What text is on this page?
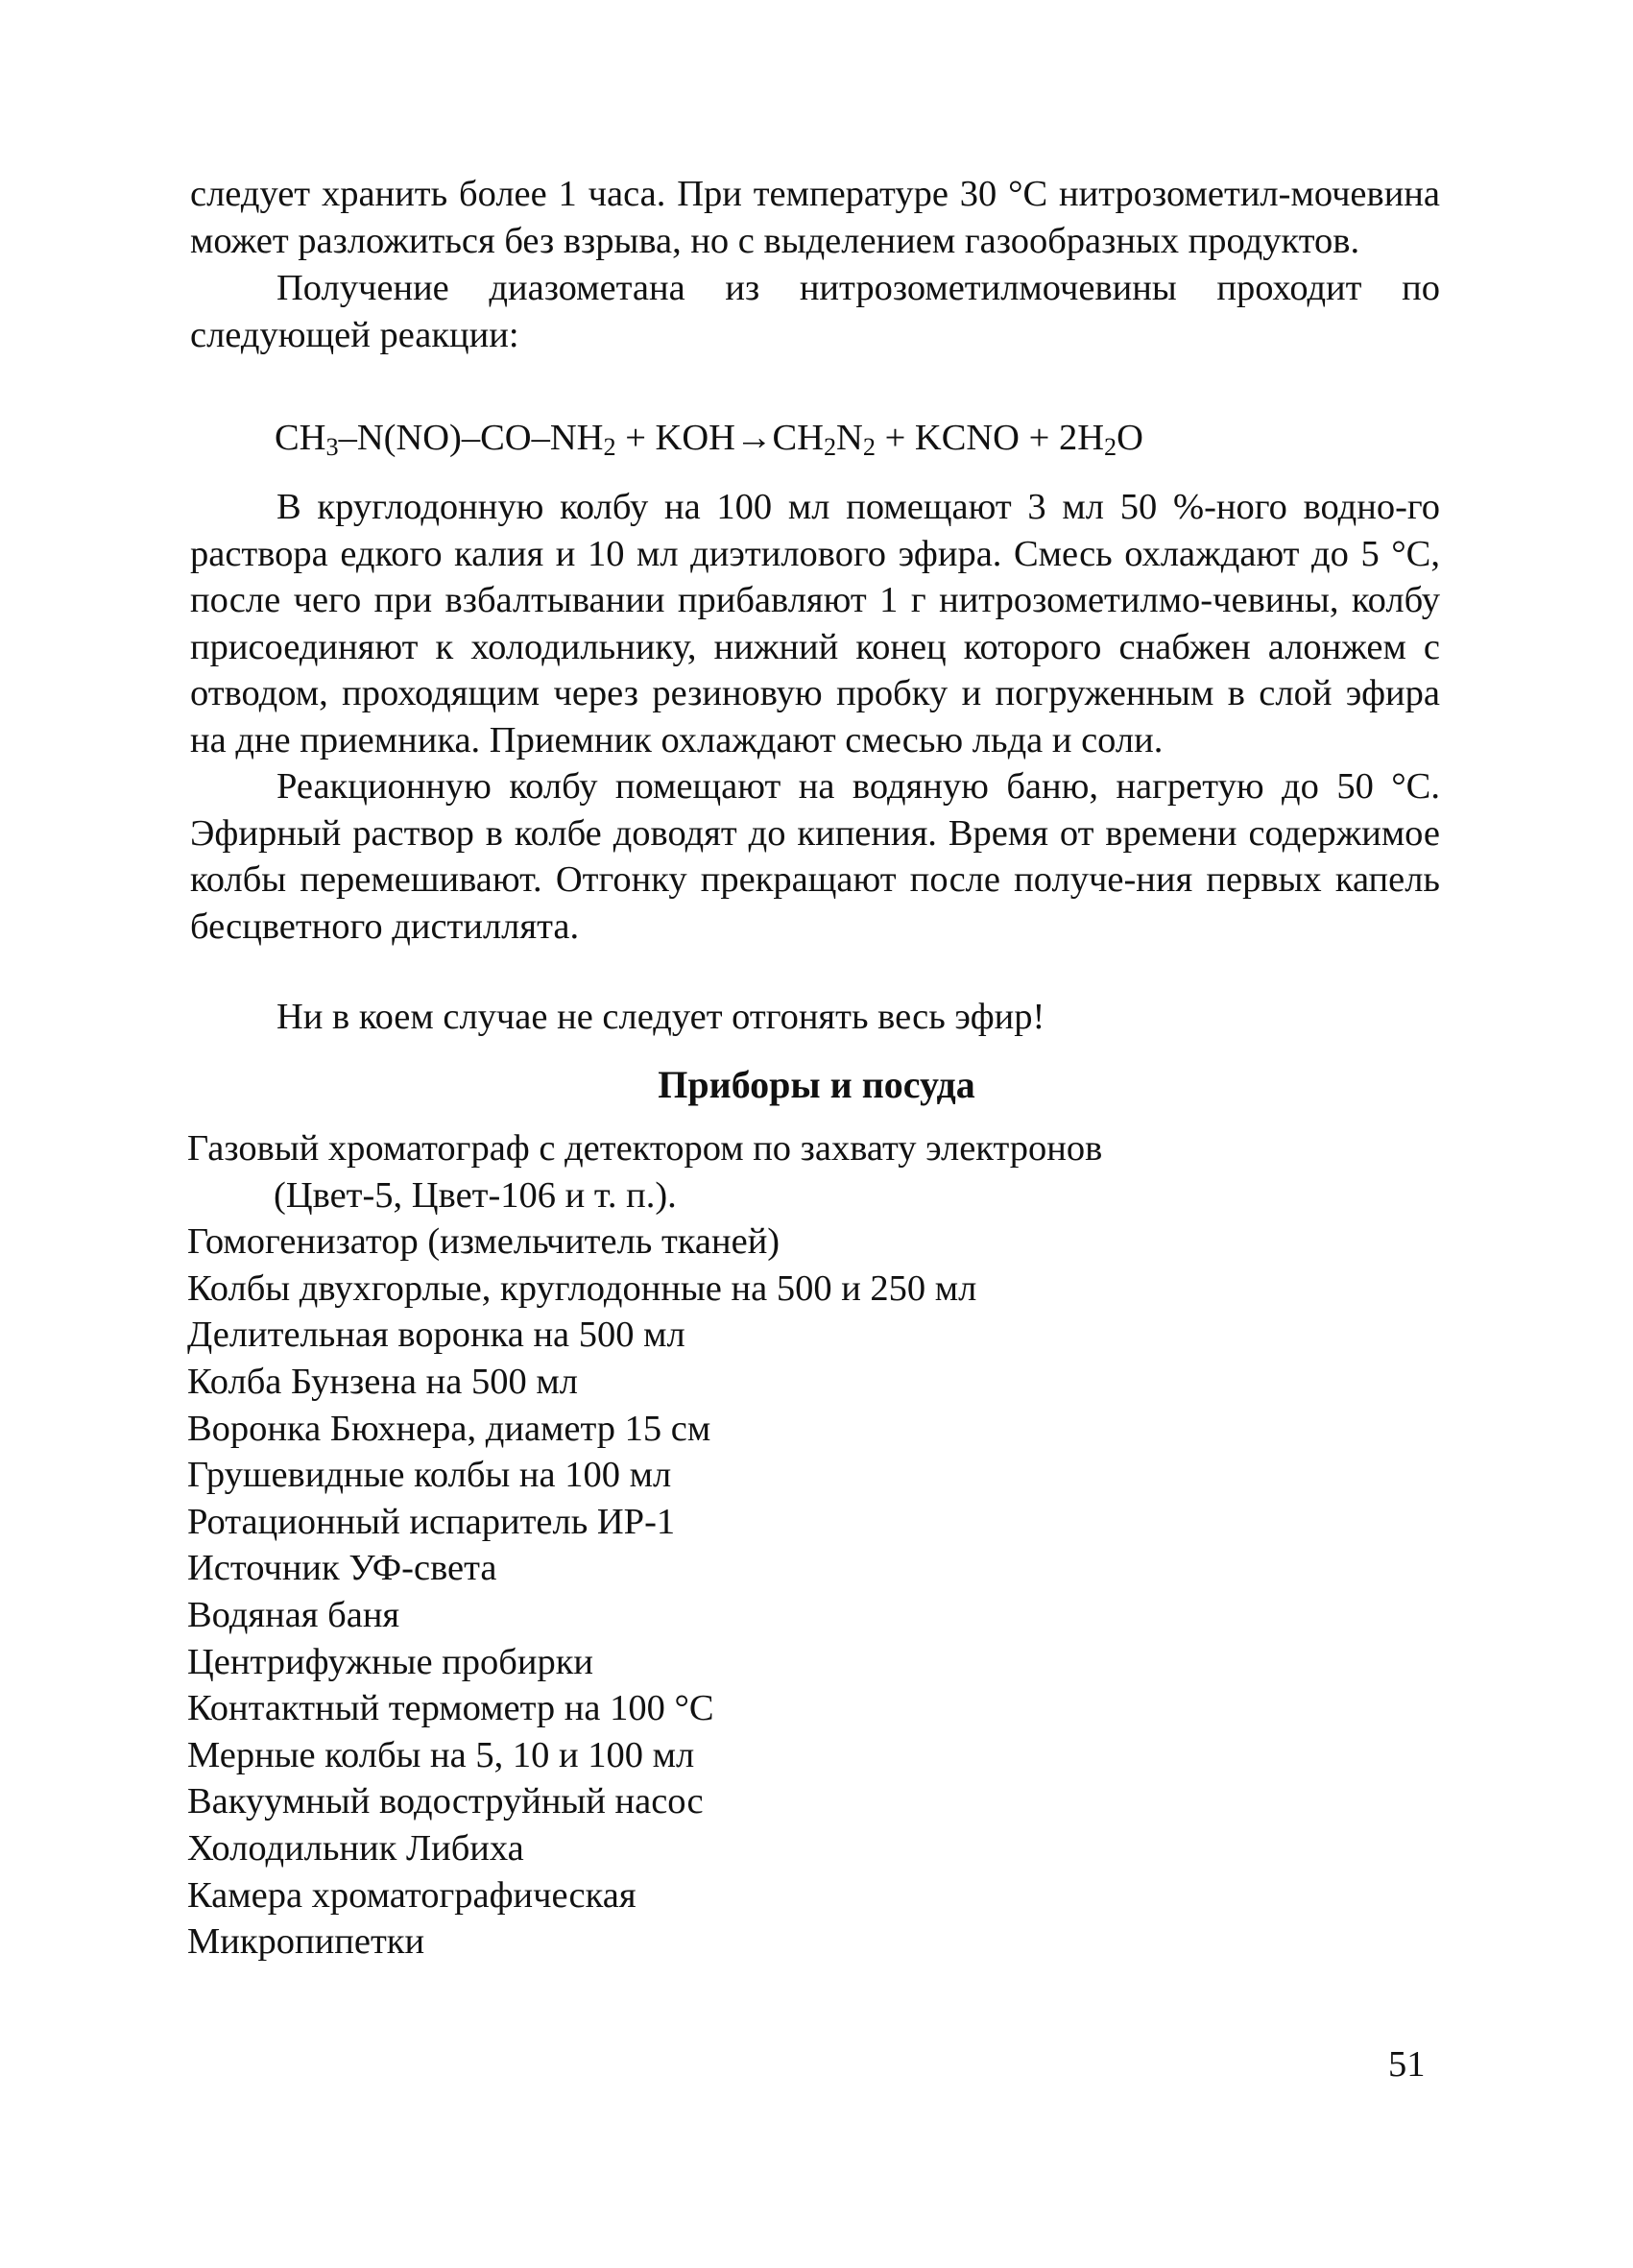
следует хранить более 1 часа. При температуре 30 °С нитрозометил-мочевина может разложиться без взрыва, но с выделением газообразных продуктов.

Получение диазометана из нитрозометилмочевины проходит по следующей реакции:

$CH_3-N(NO)-CO-NH_2 + KOH\to CH_2N_2$ + KCNO + $2H_2O$

В круглодонную колбу на 100 мл помещают 3 мл 50 %-ного водно-го раствора едкого калия и 10 мл диэтилового эфира. Смесь охлаждают до 5 °С, после чего при взбалтывании прибавляют 1 г нитрозометилмо-чевины, колбу присоединяют к холодильнику, нижний конец которого снабжен алонжем с отводом, проходящим через резиновую пробку и погруженным в слой эфира на дне приемника. Приемник охлаждают смесью льда и соли.

Реакционную колбу помещают на водяную баню, нагретую до 50 °С. Эфирный раствор в колбе доводят до кипения. Время от времени содержимое колбы перемешивают. Отгонку прекращают после получе-ния первых капель бесцветного дистиллята.

Ни в коем случае не следует отгонять весь эфир!
Приборы и посуда
Газовый хроматограф с детектором по захвату электронов
(Цвет-5, Цвет-106 и т. п.).
Гомогенизатор (измельчитель тканей)
Колбы двухгорлые, круглодонные на 500 и 250 мл
Делительная воронка на 500 мл
Колба Бунзена на 500 мл
Воронка Бюхнера, диаметр 15 см
Грушевидные колбы на 100 мл
Ротационный испаритель ИР-1
Источник УФ-света
Водяная баня
Центрифужные пробирки
Контактный термометр на 100 °С
Мерные колбы на 5, 10 и 100 мл
Вакуумный водоструйный насос
Холодильник Либиха
Камера хроматографическая
Микропипетки
51
